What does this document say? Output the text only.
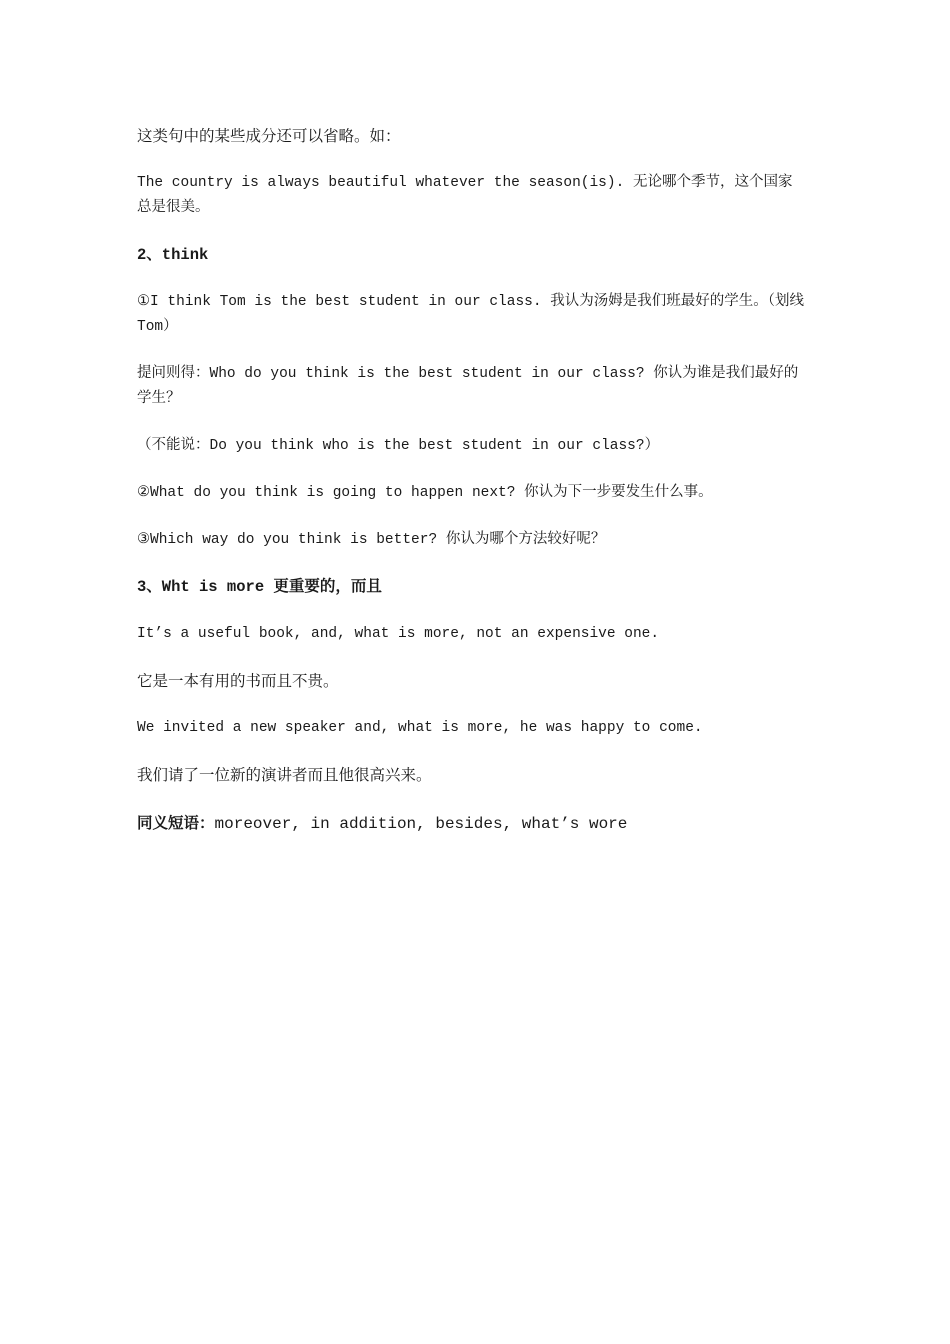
这类句中的某些成分还可以省略。如：

The country is always beautiful whatever the season(is). 无论哪个季节，这个国家总是很美。

2、think

①I think Tom is the best student in our class. 我认为汤姆是我们班最好的学生。（划线Tom）

提问则得：Who do you think is the best student in our class? 你认为谁是我们最好的学生？

（不能说：Do you think who is the best student in our class?）

②What do you think is going to happen next? 你认为下一步要发生什么事。

③Which way do you think is better? 你认为哪个方法较好呢？

3、Wht is more 更重要的，而且

It’s a useful book, and, what is more, not an expensive one.

它是一本有用的书而且不贵。

We invited a new speaker and, what is more, he was happy to come.

我们请了一位新的演讲者而且他很高兴来。

同义短语：moreover, in addition, besides, what’s wore
